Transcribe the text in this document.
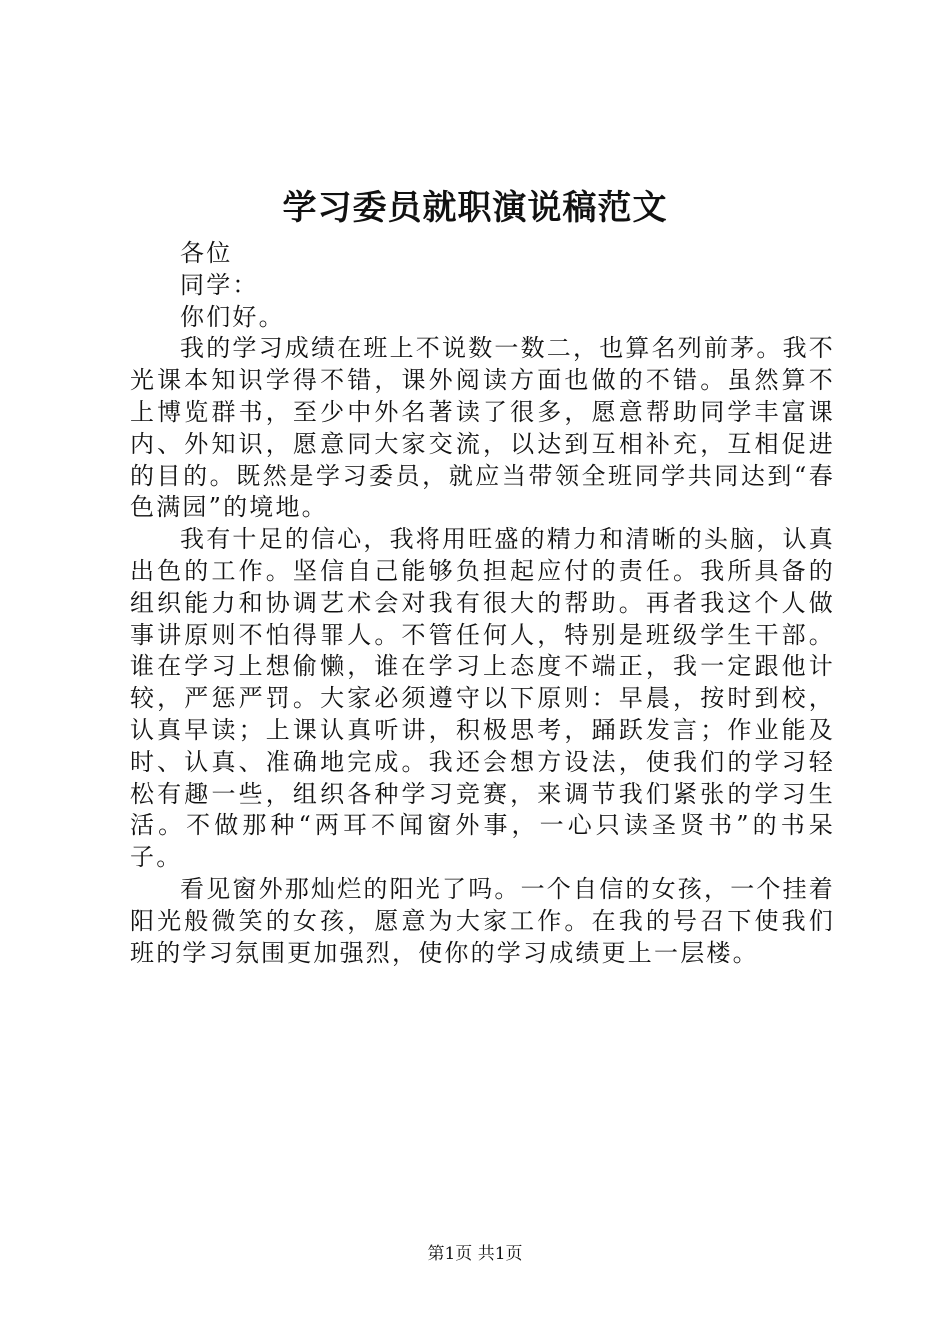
学习委员就职演说稿范文

各位

同学：

你们好。

我的学习成绩在班上不说数一数二，也算名列前茅。我不光课本知识学得不错，课外阅读方面也做的不错。虽然算不上博览群书，至少中外名著读了很多，愿意帮助同学丰富课内、外知识，愿意同大家交流，以达到互相补充，互相促进的目的。既然是学习委员，就应当带领全班同学共同达到“春色满园”的境地。

我有十足的信心，我将用旺盛的精力和清晰的头脑，认真出色的工作。坚信自己能够负担起应付的责任。我所具备的组织能力和协调艺术会对我有很大的帮助。再者我这个人做事讲原则不怕得罪人。不管任何人，特别是班级学生干部。谁在学习上想偷懒，谁在学习上态度不端正，我一定跟他计较，严惩严罚。大家必须遵守以下原则：早晨，按时到校，认真早读；上课认真听讲，积极思考，踊跃发言；作业能及时、认真、准确地完成。我还会想方设法，使我们的学习轻松有趣一些，组织各种学习竞赛，来调节我们紧张的学习生活。不做那种“两耳不闻窗外事，一心只读圣贤书”的书呆子。

看见窗外那灿烂的阳光了吗。一个自信的女孩，一个挂着阳光般微笑的女孩，愿意为大家工作。在我的号召下使我们班的学习氛围更加强烈，使你的学习成绩更上一层楼。

第1页 共1页
